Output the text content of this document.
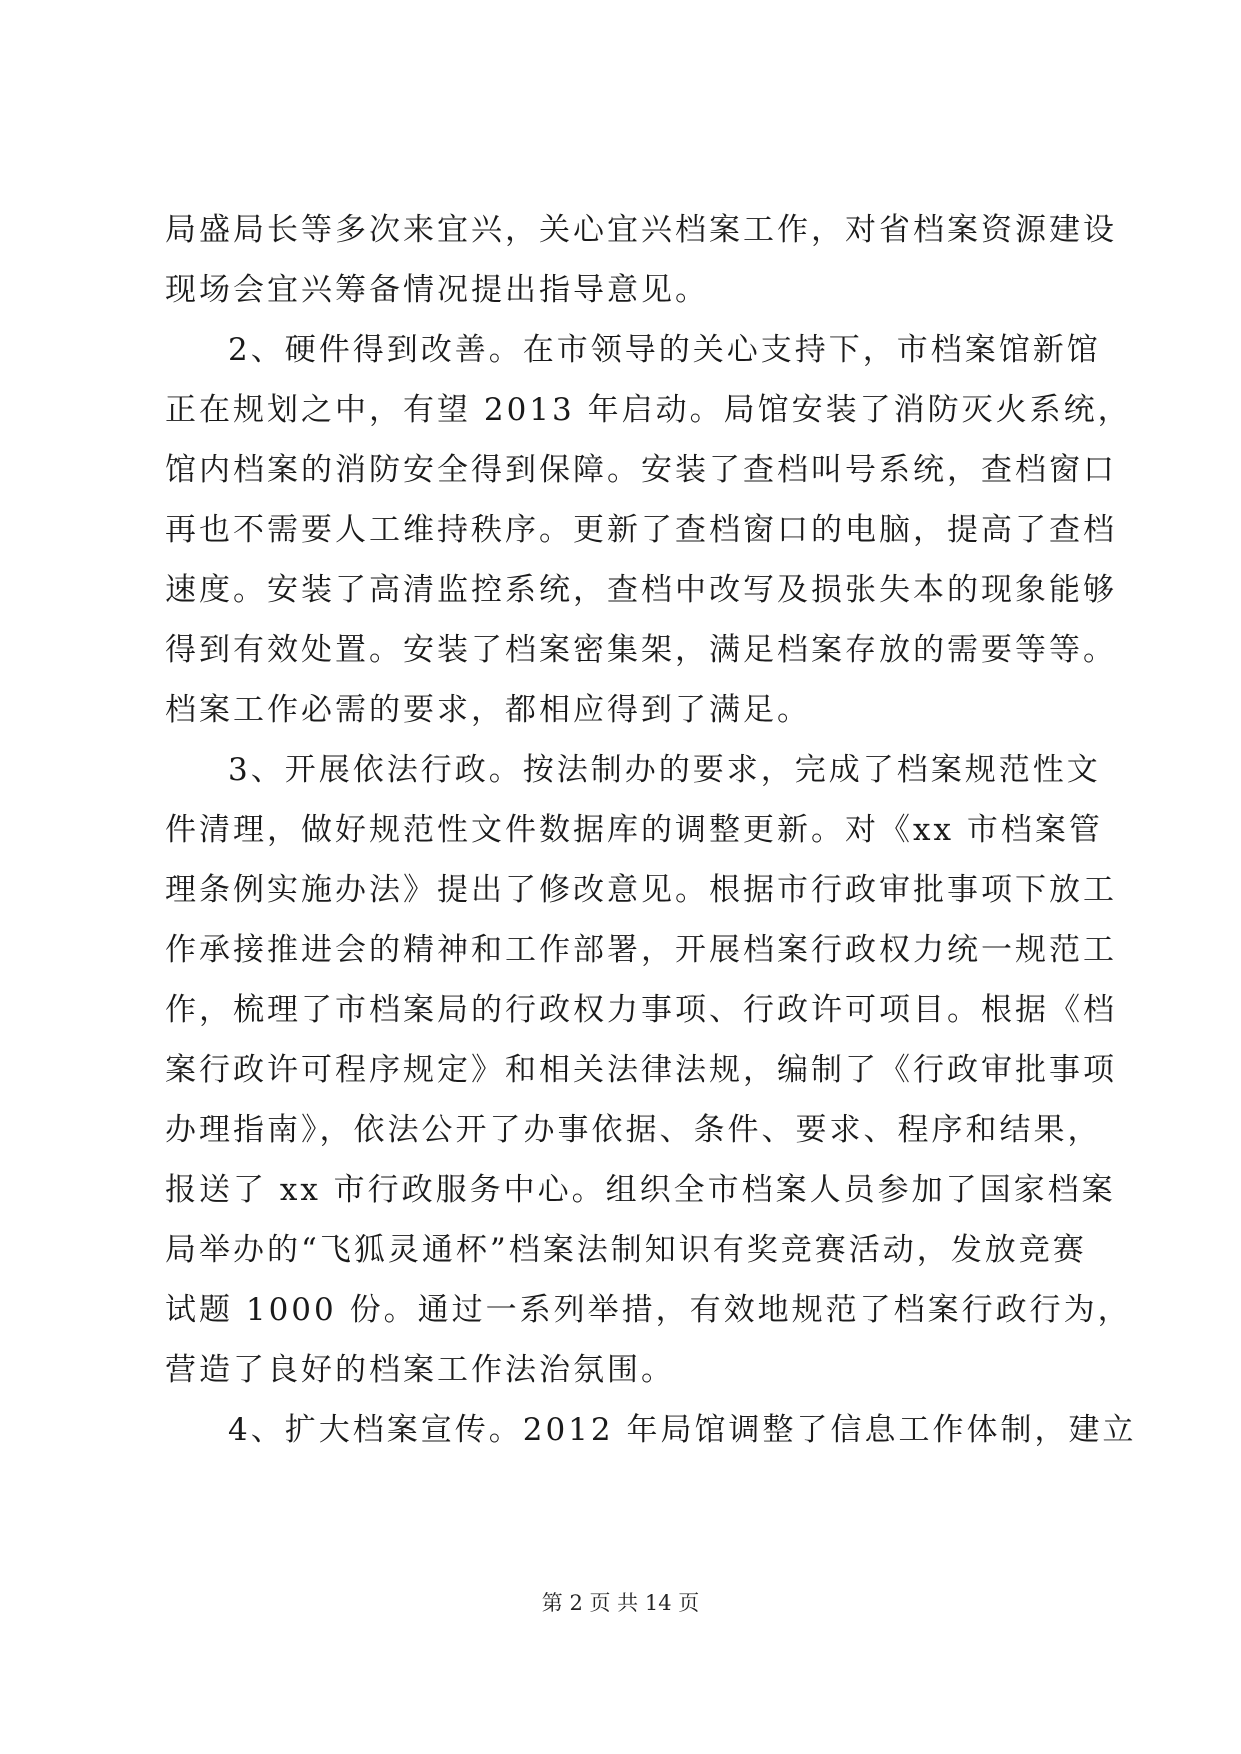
局盛局长等多次来宜兴，关心宜兴档案工作，对省档案资源建设
现场会宜兴筹备情况提出指导意见。
2、硬件得到改善。在市领导的关心支持下，市档案馆新馆
正在规划之中，有望 2013 年启动。局馆安装了消防灭火系统，
馆内档案的消防安全得到保障。安装了查档叫号系统，查档窗口
再也不需要人工维持秩序。更新了查档窗口的电脑，提高了查档
速度。安装了高清监控系统，查档中改写及损张失本的现象能够
得到有效处置。安装了档案密集架，满足档案存放的需要等等。
档案工作必需的要求，都相应得到了满足。
3、开展依法行政。按法制办的要求，完成了档案规范性文
件清理，做好规范性文件数据库的调整更新。对《xx 市档案管
理条例实施办法》提出了修改意见。根据市行政审批事项下放工
作承接推进会的精神和工作部署，开展档案行政权力统一规范工
作，梳理了市档案局的行政权力事项、行政许可项目。根据《档
案行政许可程序规定》和相关法律法规，编制了《行政审批事项
办理指南》，依法公开了办事依据、条件、要求、程序和结果，
报送了 xx 市行政服务中心。组织全市档案人员参加了国家档案
局举办的“飞狐灵通杯”档案法制知识有奖竞赛活动，发放竞赛
试题 1000 份。通过一系列举措，有效地规范了档案行政行为，
营造了良好的档案工作法治氛围。
4、扩大档案宣传。2012 年局馆调整了信息工作体制，建立
第 2 页 共 14 页
